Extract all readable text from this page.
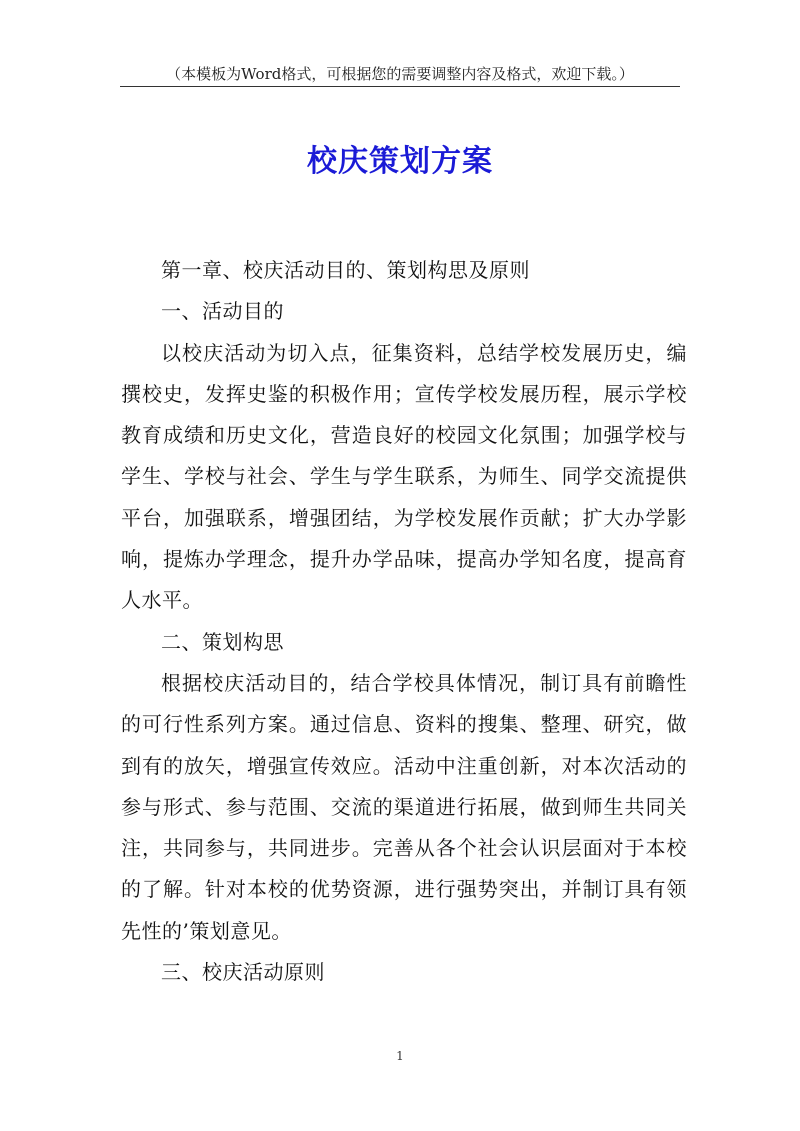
（本模板为Word格式，可根据您的需要调整内容及格式，欢迎下载。）
校庆策划方案

第一章、校庆活动目的、策划构思及原则

一、活动目的

以校庆活动为切入点，征集资料，总结学校发展历史，编撰校史，发挥史鉴的积极作用；宣传学校发展历程，展示学校教育成绩和历史文化，营造良好的校园文化氛围；加强学校与学生、学校与社会、学生与学生联系，为师生、同学交流提供平台，加强联系，增强团结，为学校发展作贡献；扩大办学影响，提炼办学理念，提升办学品味，提高办学知名度，提高育人水平。

二、策划构思

根据校庆活动目的，结合学校具体情况，制订具有前瞻性的可行性系列方案。通过信息、资料的搜集、整理、研究，做到有的放矢，增强宣传效应。活动中注重创新，对本次活动的参与形式、参与范围、交流的渠道进行拓展，做到师生共同关注，共同参与，共同进步。完善从各个社会认识层面对于本校的了解。针对本校的优势资源，进行强势突出，并制订具有领先性的’策划意见。

三、校庆活动原则

1
